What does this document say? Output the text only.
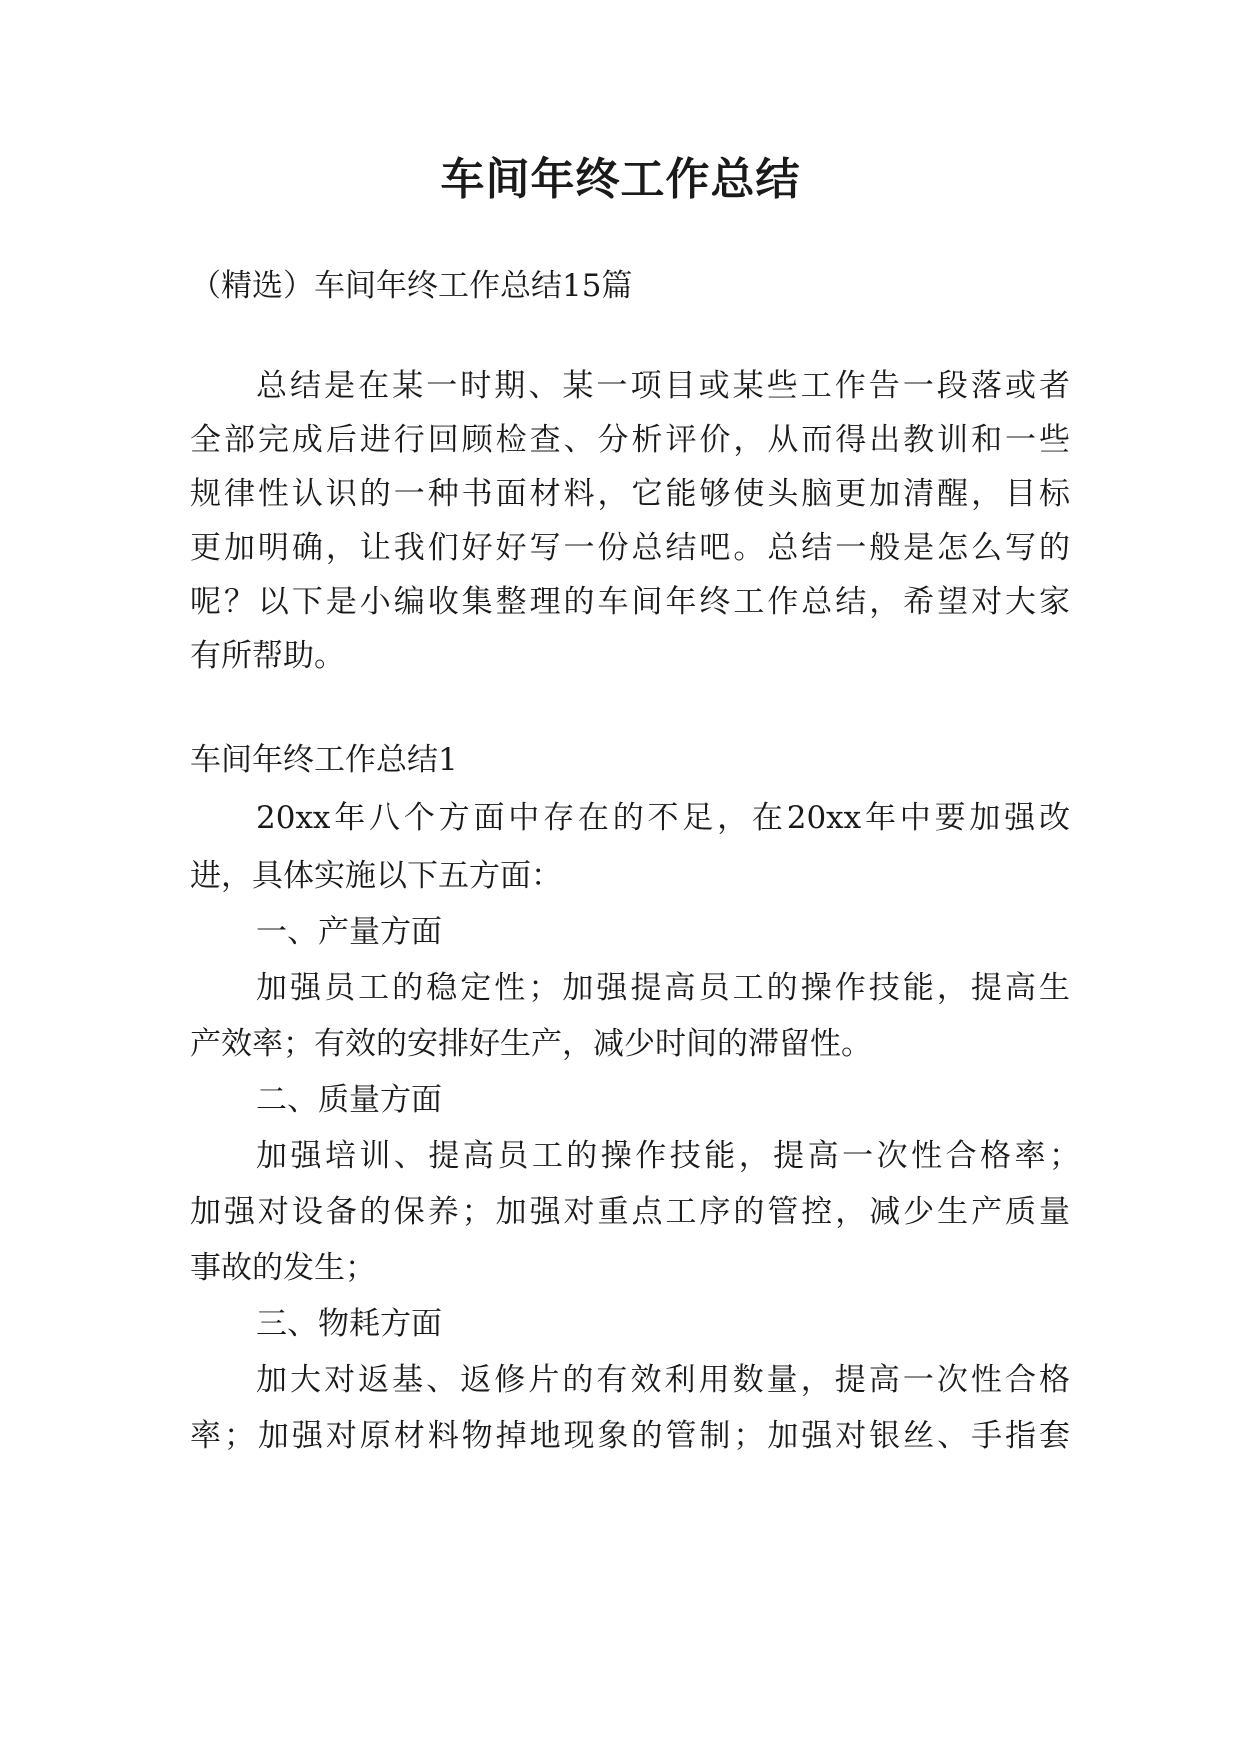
车间年终工作总结

（精选）车间年终工作总结15篇

总结是在某一时期、某一项目或某些工作告一段落或者

全部完成后进行回顾检查、分析评价，从而得出教训和一些

规律性认识的一种书面材料，它能够使头脑更加清醒，目标

更加明确，让我们好好写一份总结吧。总结一般是怎么写的

呢？以下是小编收集整理的车间年终工作总结，希望对大家

有所帮助。

车间年终工作总结1

20xx年八个方面中存在的不足，在20xx年中要加强改

进，具体实施以下五方面：

一、产量方面

加强员工的稳定性；加强提高员工的操作技能，提高生

产效率；有效的安排好生产，减少时间的滞留性。

二、质量方面

加强培训、提高员工的操作技能，提高一次性合格率；

加强对设备的保养；加强对重点工序的管控，减少生产质量

事故的发生；

三、物耗方面

加大对返基、返修片的有效利用数量，提高一次性合格

率；加强对原材料物掉地现象的管制；加强对银丝、手指套
